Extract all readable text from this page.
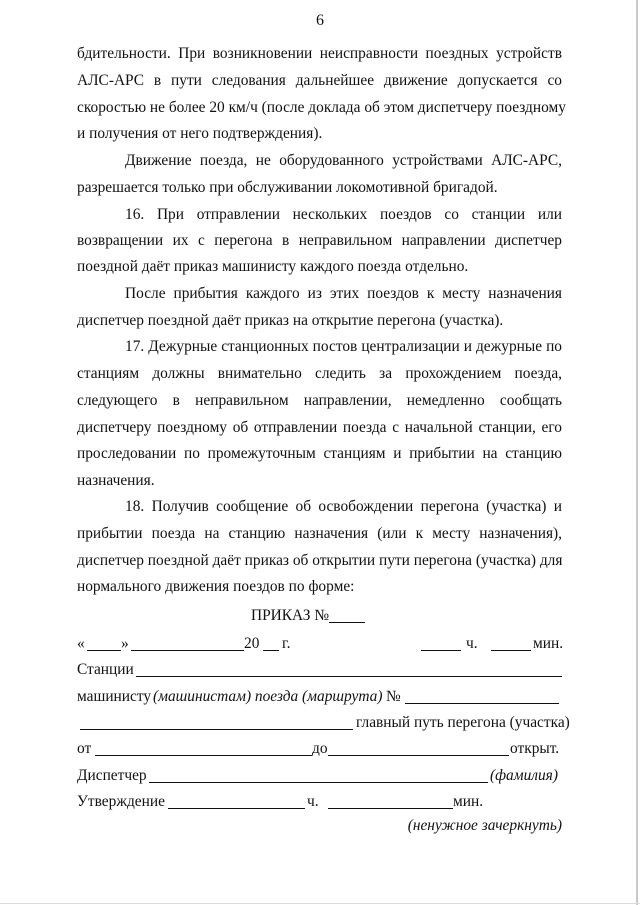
6
бдительности. При возникновении неисправности поездных устройств
АЛС-АРС в пути следования дальнейшее движение допускается со
скоростью не более 20 км/ч (после доклада об этом диспетчеру поездному
и получения от него подтверждения).
Движение поезда, не оборудованного устройствами АЛС-АРС,
разрешается только при обслуживании локомотивной бригадой.
16. При отправлении нескольких поездов со станции или
возвращении их с перегона в неправильном направлении диспетчер
поездной даёт приказ машинисту каждого поезда отдельно.
После прибытия каждого из этих поездов к месту назначения
диспетчер поездной даёт приказ на открытие перегона (участка).
17. Дежурные станционных постов централизации и дежурные по
станциям должны внимательно следить за прохождением поезда,
следующего в неправильном направлении, немедленно сообщать
диспетчеру поездному об отправлении поезда с начальной станции, его
проследовании по промежуточным станциям и прибытии на станцию
назначения.
18. Получив сообщение об освобождении перегона (участка) и
прибытии поезда на станцию назначения (или к месту назначения),
диспетчер поездной даёт приказ об открытии пути перегона (участка) для
нормального движения поездов по форме:
ПРИКАЗ №
« »	20 г.	ч.	мин.
Станции
машинисту (машинистам) поезда (маршрута) №
главный путь перегона (участка)
от	до	открыт.
Диспетчер	(фамилия)
Утверждение	ч.	мин.
(ненужное зачеркнуть)
